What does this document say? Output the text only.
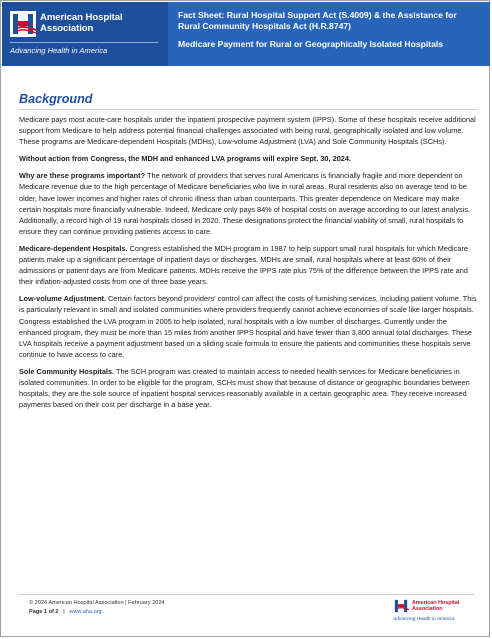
American Hospital
Association
Advancing Health in America
Fact Sheet: Rural Hospital Support Act (S.4009) & the Assistance for Rural Community Hospitals Act (H.R.8747)
Medicare Payment for Rural or Geographically Isolated Hospitals
Background

Medicare pays most acute-care hospitals under the inpatient prospective payment system (IPPS). Some of these hospitals receive additional support from Medicare to help address potential financial challenges associated with being rural, geographically isolated and low volume. These programs are Medicare-dependent Hospitals (MDHs), Low-volume Adjustment (LVA) and Sole Community Hospitals (SCHs).

Without action from Congress, the MDH and enhanced LVA programs will expire Sept. 30, 2024.

Why are these programs important? The network of providers that serves rural Americans is financially fragile and more dependent on Medicare revenue due to the high percentage of Medicare beneficiaries who live in rural areas. Rural residents also on average tend to be older, have lower incomes and higher rates of chronic illness than urban counterparts. This greater dependence on Medicare may make certain hospitals more financially vulnerable. Indeed, Medicare only pays 84% of hospital costs on average according to our latest analysis. Additionally, a record high of 19 rural hospitals closed in 2020. These designations protect the financial viability of small, rural hospitals to ensure they can continue providing patients access to care.

Medicare-dependent Hospitals. Congress established the MDH program in 1987 to help support small rural hospitals for which Medicare patients make up a significant percentage of inpatient days or discharges. MDHs are small, rural hospitals where at least 60% of their admissions or patient days are from Medicare patients. MDHs receive the IPPS rate plus 75% of the difference between the IPPS rate and their inflation-adjusted costs from one of three base years.

Low-volume Adjustment. Certain factors beyond providers' control can affect the costs of furnishing services, including patient volume. This is particularly relevant in small and isolated communities where providers frequently cannot achieve economies of scale like larger hospitals. Congress established the LVA program in 2005 to help isolated, rural hospitals with a low number of discharges. Currently under the enhanced program, they must be more than 15 miles from another IPPS hospital and have fewer than 3,800 annual total discharges. These LVA hospitals receive a payment adjustment based on a sliding scale formula to ensure the patients and communities these hospitals serve continue to have access to care.

Sole Community Hospitals. The SCH program was created to maintain access to needed health services for Medicare beneficiaries in isolated communities. In order to be eligible for the program, SCHs must show that because of distance or geographic boundaries between hospitals, they are the sole source of inpatient hospital services reasonably available in a certain geographic area. They receive increased payments based on their cost per discharge in a base year.

© 2024 American Hospital Association | February 2024
Page 1 of 2   |   www.aha.org
American Hospital
Association
Advancing Health in America
